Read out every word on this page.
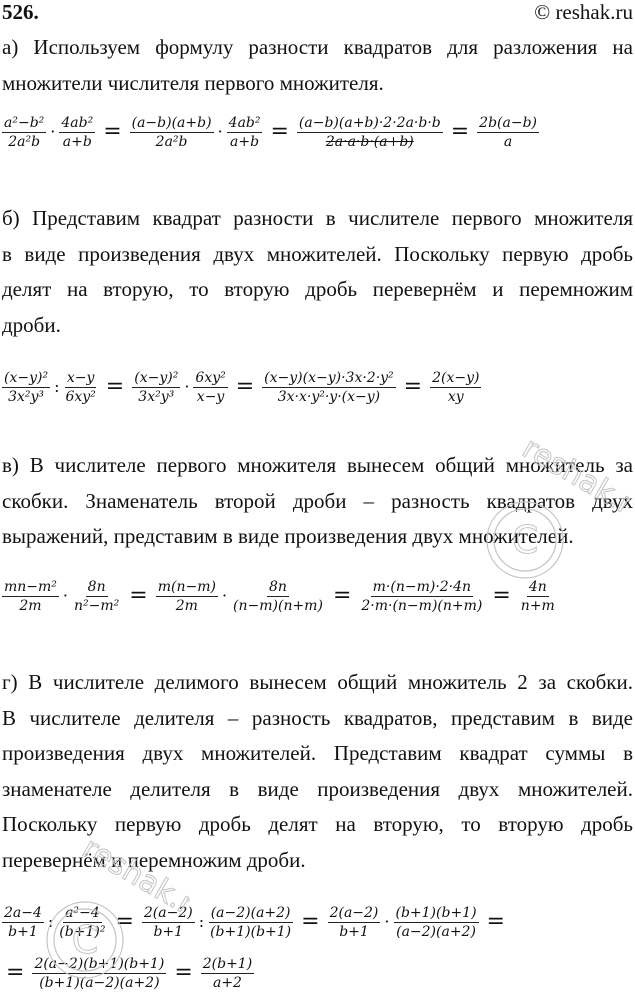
526.	© reshak.ru
а) Используем формулу разности квадратов для разложения на
множители числителя первого множителя.
$\frac{\text{a²−b²}}{\text{2a²b}} \cdot \frac{\text{4ab²}}{a+b} = \frac{(a-b)(a+b)}{\text{2a²b}} \cdot \frac{\text{4ab²}}{a+b} = \frac{(a-b)(a+b)\cdot 2\cdot 2a\cdot b\cdot b}{2a\cdot a\cdot b\cdot(a+b)} = \frac{2b(a-b)}{a}$
б) Представим квадрат разности в числителе первого множителя
в виде произведения двух множителей. Поскольку первую дробь
делят на вторую, то вторую дробь перевернём и перемножим
дроби.
$\frac{\text{(x−y)²}}{\text{3x²y³}}$ : $\frac{x-y}{\text{6xy²}} = \frac{\text{(x−y)²}}{\text{3x²y³}} \cdot \frac{\text{6xy²}}{x-y} = \frac{\text{(x−y)(x−y)·3x·2·y²}}{\text{3x·x·y²·y·(x−y)}} = \frac{2(x-y)}{xy}$
в) В числителе первого множителя вынесем общий множитель за
скобки. Знаменатель второй дроби – разность квадратов двух
выражений, представим в виде произведения двух множителей.
$\frac{\text{mn−m²}}{2m} \cdot \frac{8n}{\text{n²−m²}} = \frac{m(n-m)}{2m} \cdot \frac{8n}{(n-m)(n+m)} = \frac{m\cdot(n-m)\cdot 2\cdot 4n}{2\cdot m\cdot(n-m)(n+m)} = \frac{4n}{n+m}$
г) В числителе делимого вынесем общий множитель 2 за скобки.
В числителе делителя – разность квадратов, представим в виде
произведения двух множителей. Представим квадрат суммы в
знаменателе делителя в виде произведения двух множителей.
Поскольку первую дробь делят на вторую, то вторую дробь
перевернём и перемножим дроби.
$\frac{2a-4}{b+1}$ : $\frac{\text{a²−4}}{\text{(b+1)²}} = \frac{2(a-2)}{b+1}$ : $\frac{(a-2)(a+2)}{(b+1)(b+1)} = \frac{2(a-2)}{b+1} \cdot \frac{(b+1)(b+1)}{(a-2)(a+2)}$ =
= $\frac{2(a-2)(b+1)(b+1)}{(b+1)(a-2)(a+2)} = \frac{2(b+1)}{a+2}$
